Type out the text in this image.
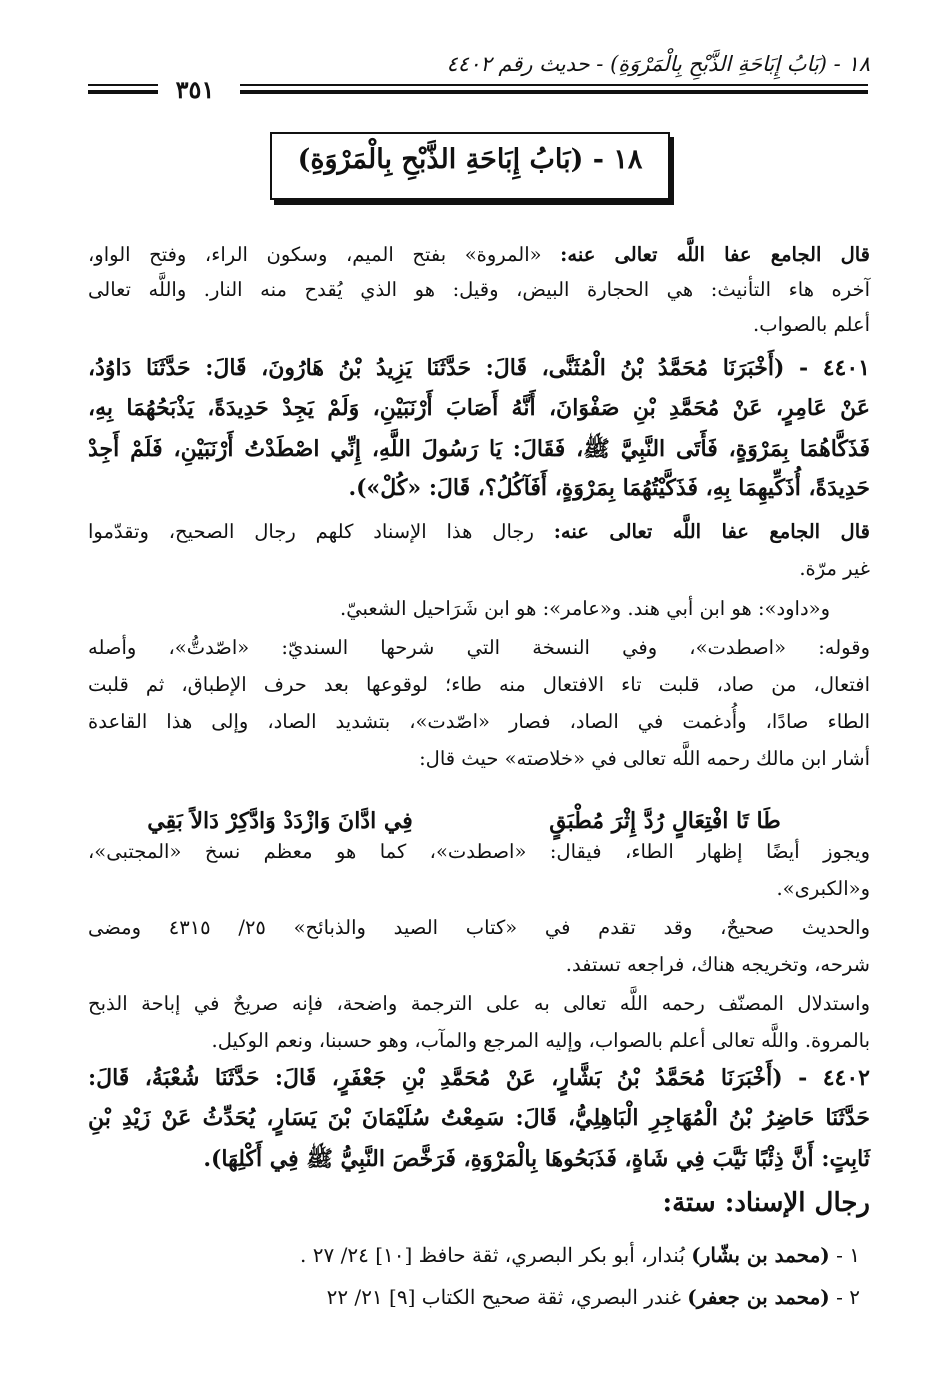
١٨ - (بَابُ إِبَاحَةِ الذَّبْحِ بِالْمَرْوَةِ) - حديث رقم ٤٤٠٢
٣٥١
١٨ - (بَابُ إِبَاحَةِ الذَّبْحِ بِالْمَرْوَةِ)
قال الجامع عفا اللَّه تعالى عنه: «المروة» بفتح الميم، وسكون الراء، وفتح الواو،
آخره هاء التأنيث: هي الحجارة البيض، وقيل: هو الذي يُقدح منه النار. واللَّه تعالى
أعلم بالصواب.
٤٤٠١ - (أَخْبَرَنَا مُحَمَّدُ بْنُ الْمُثَنَّى، قَالَ: حَدَّثَنَا يَزِيدُ بْنُ هَارُونَ، قَالَ: حَدَّثَنَا دَاوُدُ،
عَنْ عَامِرٍ، عَنْ مُحَمَّدِ بْنِ صَفْوَانَ، أَنَّهُ أَصَابَ أَرْنَبَيْنِ، وَلَمْ يَجِدْ حَدِيدَةً، يَذْبَحُهُمَا بِهِ،
فَذَكَّاهُمَا بِمَرْوَةٍ، فَأَتَى النَّبِيَّ ﷺ، فَقَالَ: يَا رَسُولَ اللَّهِ، إِنِّي اصْطَدْتُ أَرْنَبَيْنِ، فَلَمْ أَجِدْ
حَدِيدَةً، أُذَكِّيهِمَا بِهِ، فَذَكَّيْتُهُمَا بِمَرْوَةٍ، أَفَآكُلُ؟، قَالَ: «كُلْ»).
قال الجامع عفا اللَّه تعالى عنه: رجال هذا الإسناد كلهم رجال الصحيح، وتقدّموا
غير مرّة.
و«داود»: هو ابن أبي هند. و«عامر»: هو ابن شَرَاحيل الشعبيّ.
وقوله: «اصطدت»، وفي النسخة التي شرحها السنديّ: «اصّدتُّ»، وأصله
افتعال، من صاد، قلبت تاء الافتعال منه طاء؛ لوقوعها بعد حرف الإطباق، ثم قلبت
الطاء صادًا، وأُدغمت في الصاد، فصار «اصّدت»، بتشديد الصاد، وإلى هذا القاعدة
أشار ابن مالك رحمه اللَّه تعالى في «خلاصته» حيث قال:
طَا تَا افْتِعَالٍ رُدَّ إِثْرَ مُطْبَقٍ
فِي ادَّانَ وَازْدَدْ وَادَّكِرْ دَالاً بَقِي
ويجوز أيضًا إظهار الطاء، فيقال: «اصطدت»، كما هو معظم نسخ «المجتبى»،
و«الكبرى».
والحديث صحيحٌ، وقد تقدم في «كتاب الصيد والذبائح» ٢٥/ ٤٣١٥ ومضى
شرحه، وتخريجه هناك، فراجعه تستفد.
واستدلال المصنّف رحمه اللَّه تعالى به على الترجمة واضحة، فإنه صريحٌ في إباحة الذبح
بالمروة. واللَّه تعالى أعلم بالصواب، وإليه المرجع والمآب، وهو حسبنا، ونعم الوكيل.
٤٤٠٢ - (أَخْبَرَنَا مُحَمَّدُ بْنُ بَشَّارٍ، عَنْ مُحَمَّدِ بْنِ جَعْفَرٍ، قَالَ: حَدَّثَنَا شُعْبَةُ، قَالَ:
حَدَّثَنَا حَاضِرُ بْنُ الْمُهَاجِرِ الْبَاهِلِيُّ، قَالَ: سَمِعْتُ سُلَيْمَانَ بْنَ يَسَارٍ، يُحَدِّثُ عَنْ زَيْدِ بْنِ
ثَابِتٍ: أَنَّ ذِئْبًا نَيَّبَ فِي شَاةٍ، فَذَبَحُوهَا بِالْمَرْوَةِ، فَرَخَّصَ النَّبِيُّ ﷺ فِي أَكْلِهَا).
رجال الإسناد: ستة:
١ - (محمد بن بشّار) بُندار، أبو بكر البصري، ثقة حافظ [١٠] ٢٤/ ٢٧ .
٢ - (محمد بن جعفر) غندر البصري، ثقة صحيح الكتاب [٩] ٢١/ ٢٢
